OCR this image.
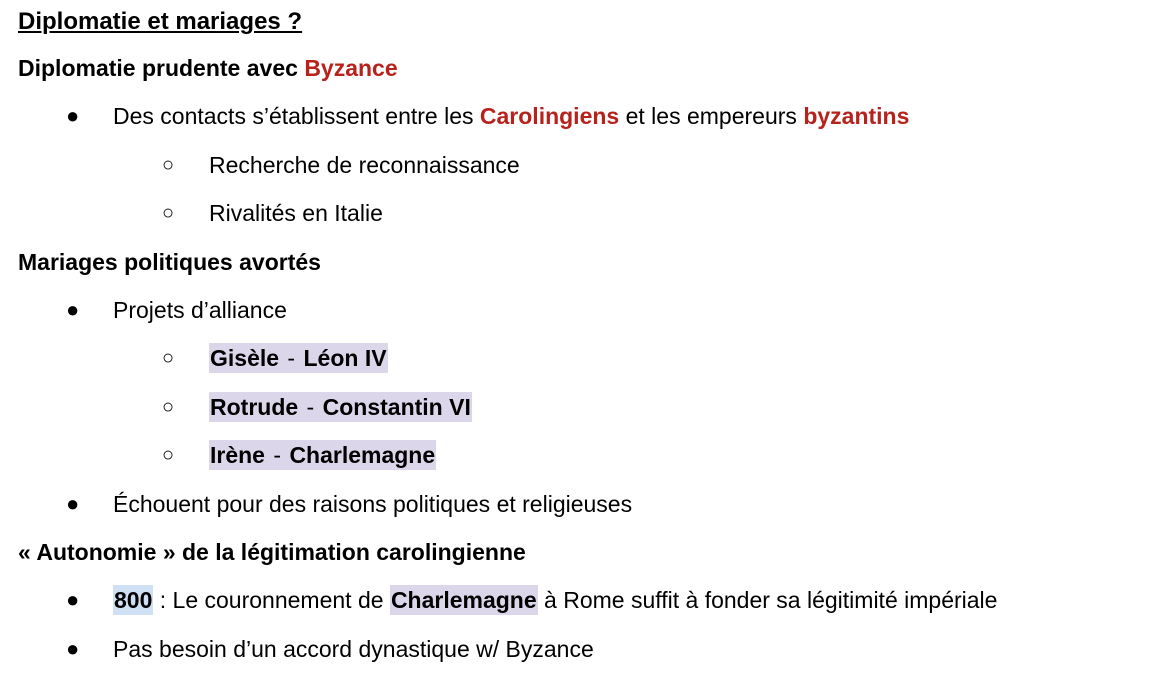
Diplomatie et mariages ?
Diplomatie prudente avec Byzance
● Des contacts s’établissent entre les Carolingiens et les empereurs byzantins
○ Recherche de reconnaissance
○ Rivalités en Italie
Mariages politiques avortés
● Projets d’alliance
○ Gisèle - Léon IV
○ Rotrude - Constantin VI
○ Irène - Charlemagne
● Échouent pour des raisons politiques et religieuses
« Autonomie » de la légitimation carolingienne
● 800 : Le couronnement de Charlemagne à Rome suffit à fonder sa légitimité impériale
● Pas besoin d’un accord dynastique w/ Byzance
